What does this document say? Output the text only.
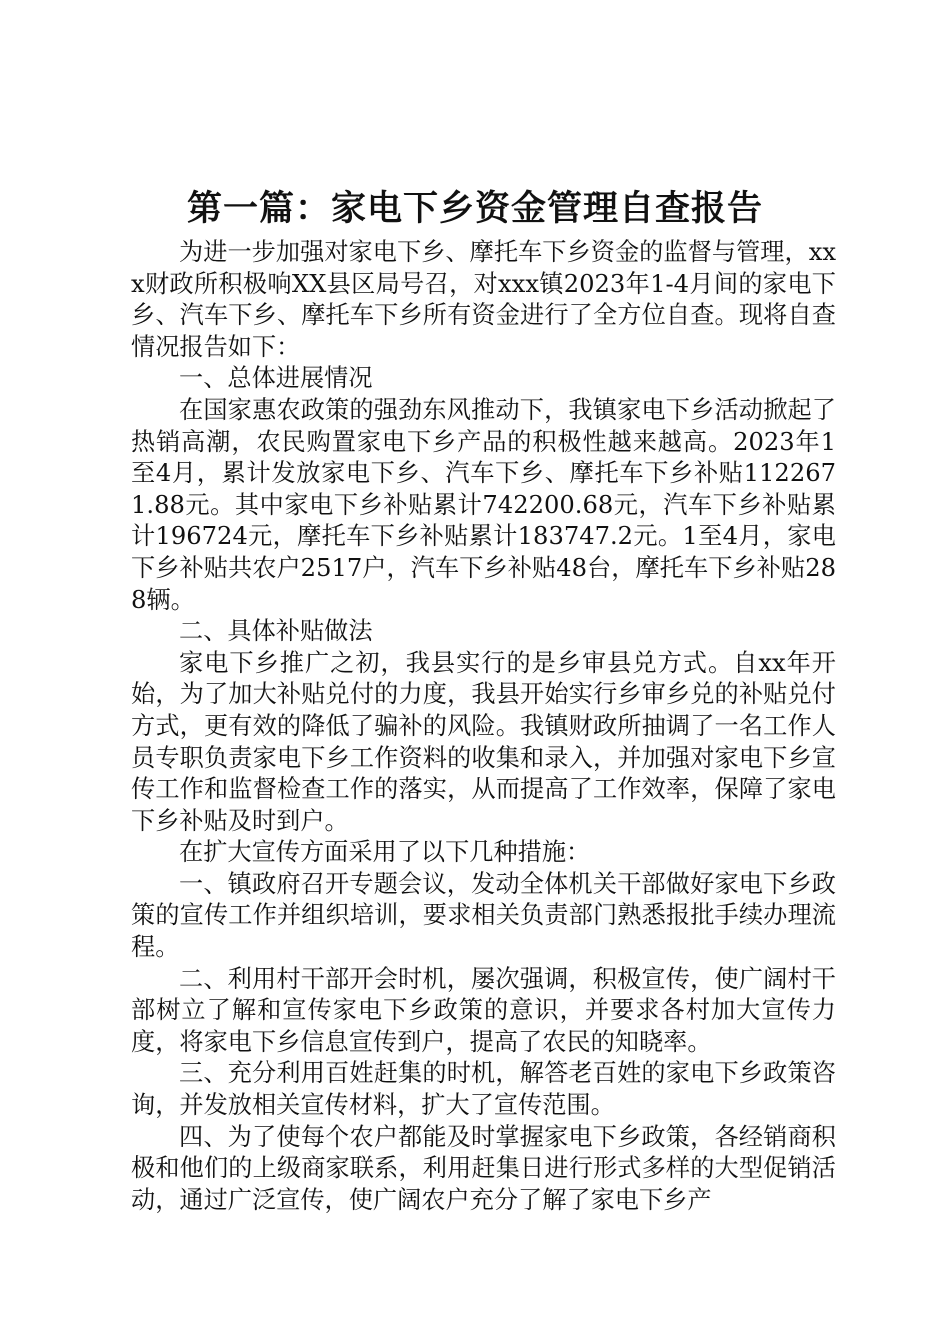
第一篇：家电下乡资金管理自查报告

为进一步加强对家电下乡、摩托车下乡资金的监督与管理，xxx财政所积极响XX县区局号召，对xxx镇2023年1-4月间的家电下乡、汽车下乡、摩托车下乡所有资金进行了全方位自查。现将自查情况报告如下：

一、总体进展情况

在国家惠农政策的强劲东风推动下，我镇家电下乡活动掀起了热销高潮，农民购置家电下乡产品的积极性越来越高。2023年1至4月，累计发放家电下乡、汽车下乡、摩托车下乡补贴1122671.88元。其中家电下乡补贴累计742200.68元，汽车下乡补贴累计196724元，摩托车下乡补贴累计183747.2元。1至4月，家电下乡补贴共农户2517户，汽车下乡补贴48台，摩托车下乡补贴288辆。

二、具体补贴做法

家电下乡推广之初，我县实行的是乡审县兑方式。自xx年开始，为了加大补贴兑付的力度，我县开始实行乡审乡兑的补贴兑付方式，更有效的降低了骗补的风险。我镇财政所抽调了一名工作人员专职负责家电下乡工作资料的收集和录入，并加强对家电下乡宣传工作和监督检查工作的落实，从而提高了工作效率，保障了家电下乡补贴及时到户。

在扩大宣传方面采用了以下几种措施：

一、镇政府召开专题会议，发动全体机关干部做好家电下乡政策的宣传工作并组织培训，要求相关负责部门熟悉报批手续办理流程。

二、利用村干部开会时机，屡次强调，积极宣传，使广阔村干部树立了解和宣传家电下乡政策的意识，并要求各村加大宣传力度，将家电下乡信息宣传到户，提高了农民的知晓率。

三、充分利用百姓赶集的时机，解答老百姓的家电下乡政策咨询，并发放相关宣传材料，扩大了宣传范围。

四、为了使每个农户都能及时掌握家电下乡政策，各经销商积极和他们的上级商家联系，利用赶集日进行形式多样的大型促销活动，通过广泛宣传，使广阔农户充分了解了家电下乡产
